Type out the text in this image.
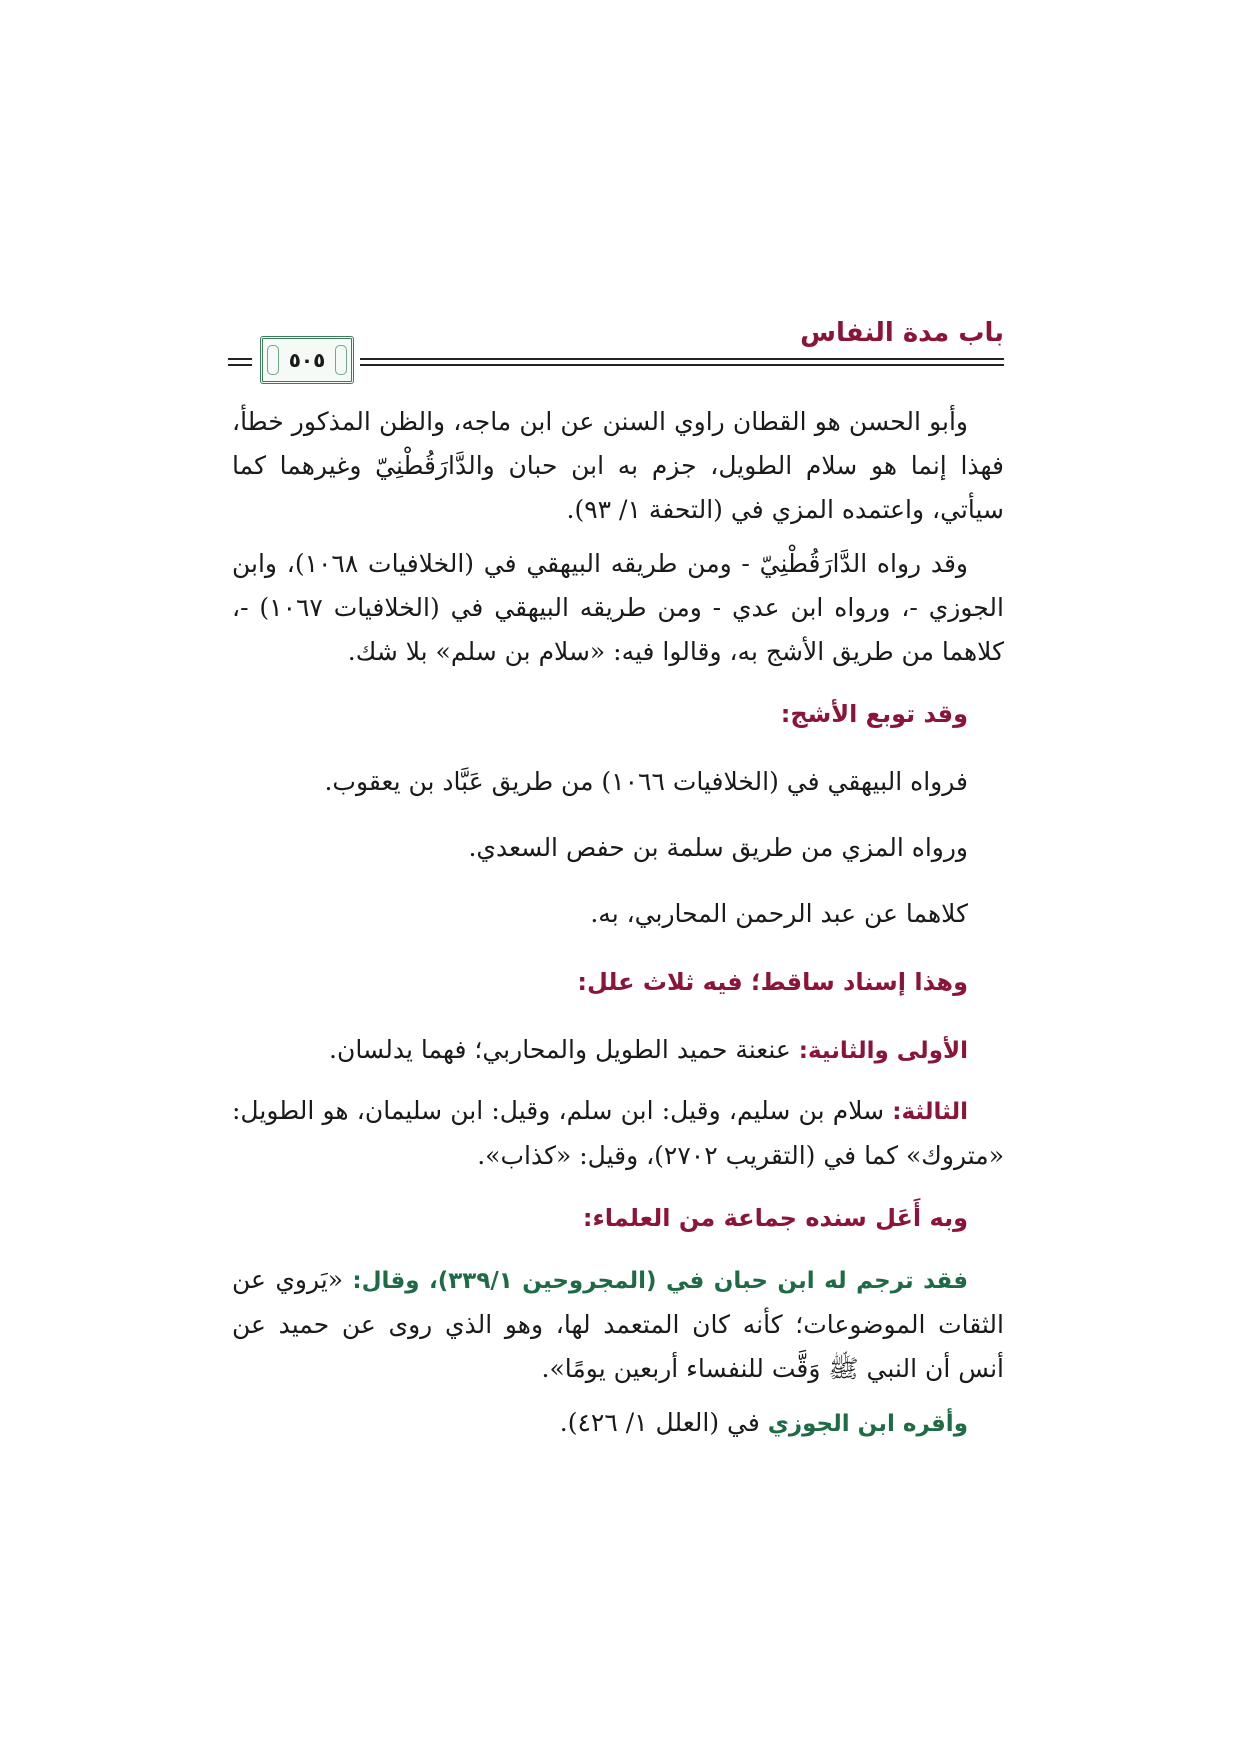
باب مدة النفاس
٥٠٥

وأبو الحسن هو القطان راوي السنن عن ابن ماجه، والظن المذكور خطأ، فهذا إنما هو سلام الطويل، جزم به ابن حبان والدَّارَقُطْنِيّ وغيرهما كما سيأتي، واعتمده المزي في (التحفة ١/ ٩٣).

وقد رواه الدَّارَقُطْنِيّ - ومن طريقه البيهقي في (الخلافيات ١٠٦٨)، وابن الجوزي -، ورواه ابن عدي - ومن طريقه البيهقي في (الخلافيات ١٠٦٧) -، كلاهما من طريق الأشج به، وقالوا فيه: «سلام بن سلم» بلا شك.

وقد توبع الأشج:

فرواه البيهقي في (الخلافيات ١٠٦٦) من طريق عَبَّاد بن يعقوب.

ورواه المزي من طريق سلمة بن حفص السعدي.

كلاهما عن عبد الرحمن المحاربي، به.

وهذا إسناد ساقط؛ فيه ثلاث علل:

الأولى والثانية: عنعنة حميد الطويل والمحاربي؛ فهما يدلسان.

الثالثة: سلام بن سليم، وقيل: ابن سلم، وقيل: ابن سليمان، هو الطويل: «متروك» كما في (التقريب ٢٧٠٢)، وقيل: «كذاب».

وبه أَعَل سنده جماعة من العلماء:

فقد ترجم له ابن حبان في (المجروحين ٣٣٩/١)، وقال: «يَروي عن الثقات الموضوعات؛ كأنه كان المتعمد لها، وهو الذي روى عن حميد عن أنس أن النبي ﷺ وَقَّت للنفساء أربعين يومًا».

وأقره ابن الجوزي في (العلل ١/ ٤٢٦).
